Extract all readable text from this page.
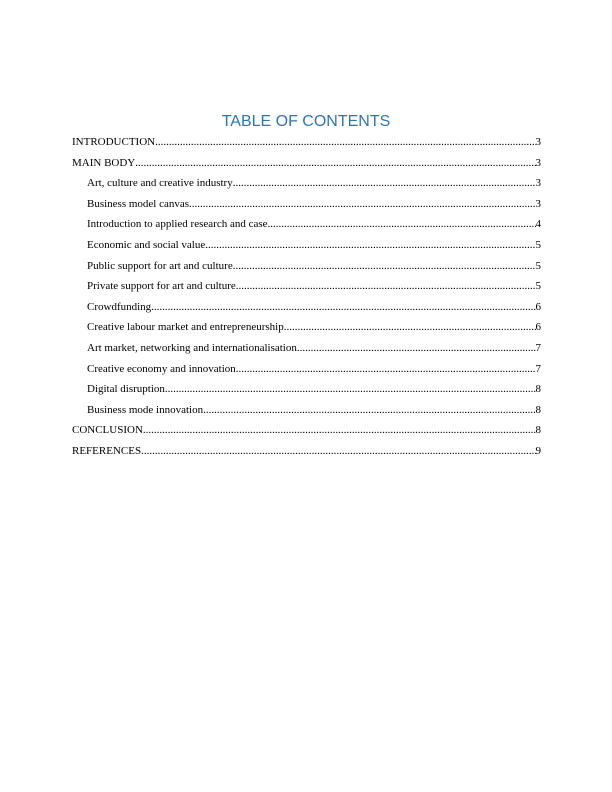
TABLE OF CONTENTS
INTRODUCTION .....	3
MAIN BODY .....	3
Art, culture and creative industry .....	3
Business model canvas .....	3
Introduction to applied research and case .....	4
Economic and social value .....	5
Public support for art and culture .....	5
Private support for art and culture .....	5
Crowdfunding .....	6
Creative labour market and entrepreneurship .....	6
Art market, networking and internationalisation .....	7
Creative economy and innovation .....	7
Digital disruption .....	8
Business mode innovation .....	8
CONCLUSION .....	8
REFERENCES .....	9
